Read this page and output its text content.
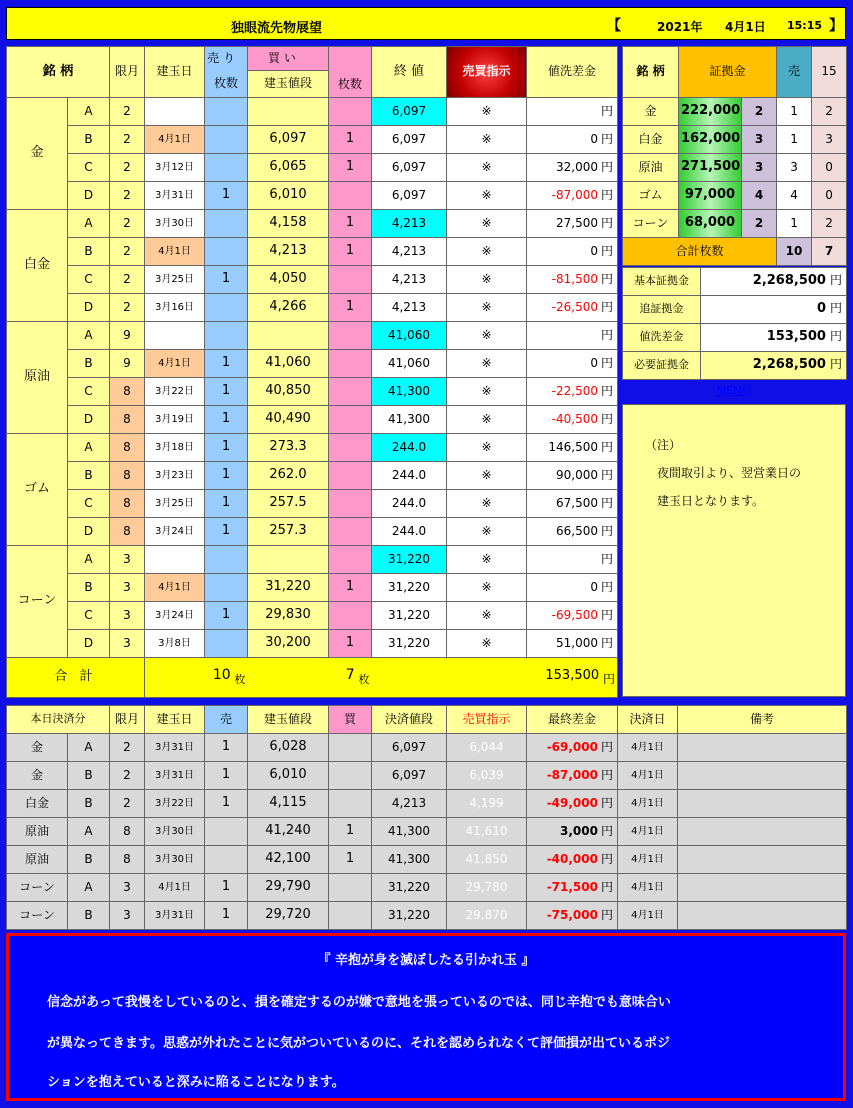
独眼流先物展望	【	2021年 4月1日 15:15 】
銘 柄		限月	建玉日	売 り	買 い	枚数	終 値	売買指示	値洗差金
				枚数	建玉値段				
金	A	2					6,097	※	円
	B	2	4月1日		6,097	1	6,097	※	0 円
	C	2	3月12日		6,065	1	6,097	※	32,000 円
	D	2	3月31日	1	6,010		6,097	※	-87,000 円
白金	A	2	3月30日		4,158	1	4,213	※	27,500 円
	B	2	4月1日		4,213	1	4,213	※	0 円
	C	2	3月25日	1	4,050		4,213	※	-81,500 円
	D	2	3月16日		4,266	1	4,213	※	-26,500 円
原油	A	9					41,060	※	円
	B	9	4月1日	1	41,060		41,060	※	0 円
	C	8	3月22日	1	40,850		41,300	※	-22,500 円
	D	8	3月19日	1	40,490		41,300	※	-40,500 円
ゴム	A	8	3月18日	1	273.3		244.0	※	146,500 円
	B	8	3月23日	1	262.0		244.0	※	90,000 円
	C	8	3月25日	1	257.5		244.0	※	67,500 円
	D	8	3月24日	1	257.3		244.0	※	66,500 円
コーン	A	3					31,220	※	円
	B	3	4月1日		31,220	1	31,220	※	0 円
	C	3	3月24日	1	29,830		31,220	※	-69,500 円
	D	3	3月8日		30,200	1	31,220	※	51,000 円
合 計			10 枚		7 枚		153,500 円		
銘 柄	証拠金		売	15
金	222,000	2	1	2
白金	162,000	3	1	3
原油	271,500	3	3	0
ゴム	97,000	4	4	0
コーン	68,000	2	1	2
合計枚数			10	7
基本証拠金	2,268,500 円
追証拠金	0 円
値洗差金	153,500 円
必要証拠金	2,268,500 円
MEMO
（注）
夜間取引より、翌営業日の
建玉日となります。
本日決済分		限月	建玉日	売	建玉値段	買	決済値段	売買指示	最終差金	決済日	備考
金	A	2	3月31日	1	6,028		6,097	6,044	-69,000 円	4月1日	
金	B	2	3月31日	1	6,010		6,097	6,039	-87,000 円	4月1日	
白金	B	2	3月22日	1	4,115		4,213	4,199	-49,000 円	4月1日	
原油	A	8	3月30日		41,240	1	41,300	41,610	3,000 円	4月1日	
原油	B	8	3月30日		42,100	1	41,300	41,850	-40,000 円	4月1日	
コーン	A	3	4月1日	1	29,790		31,220	29,780	-71,500 円	4月1日	
コーン	B	3	3月31日	1	29,720		31,220	29,870	-75,000 円	4月1日	
『 辛抱が身を滅ぼしたる引かれ玉 』
信念があって我慢をしているのと、損を確定するのが嫌で意地を張っているのでは、同じ辛抱でも意味合い
が異なってきます。思惑が外れたことに気がついているのに、それを認められなくて評価損が出ているポジ
ションを抱えていると深みに陥ることになります。
